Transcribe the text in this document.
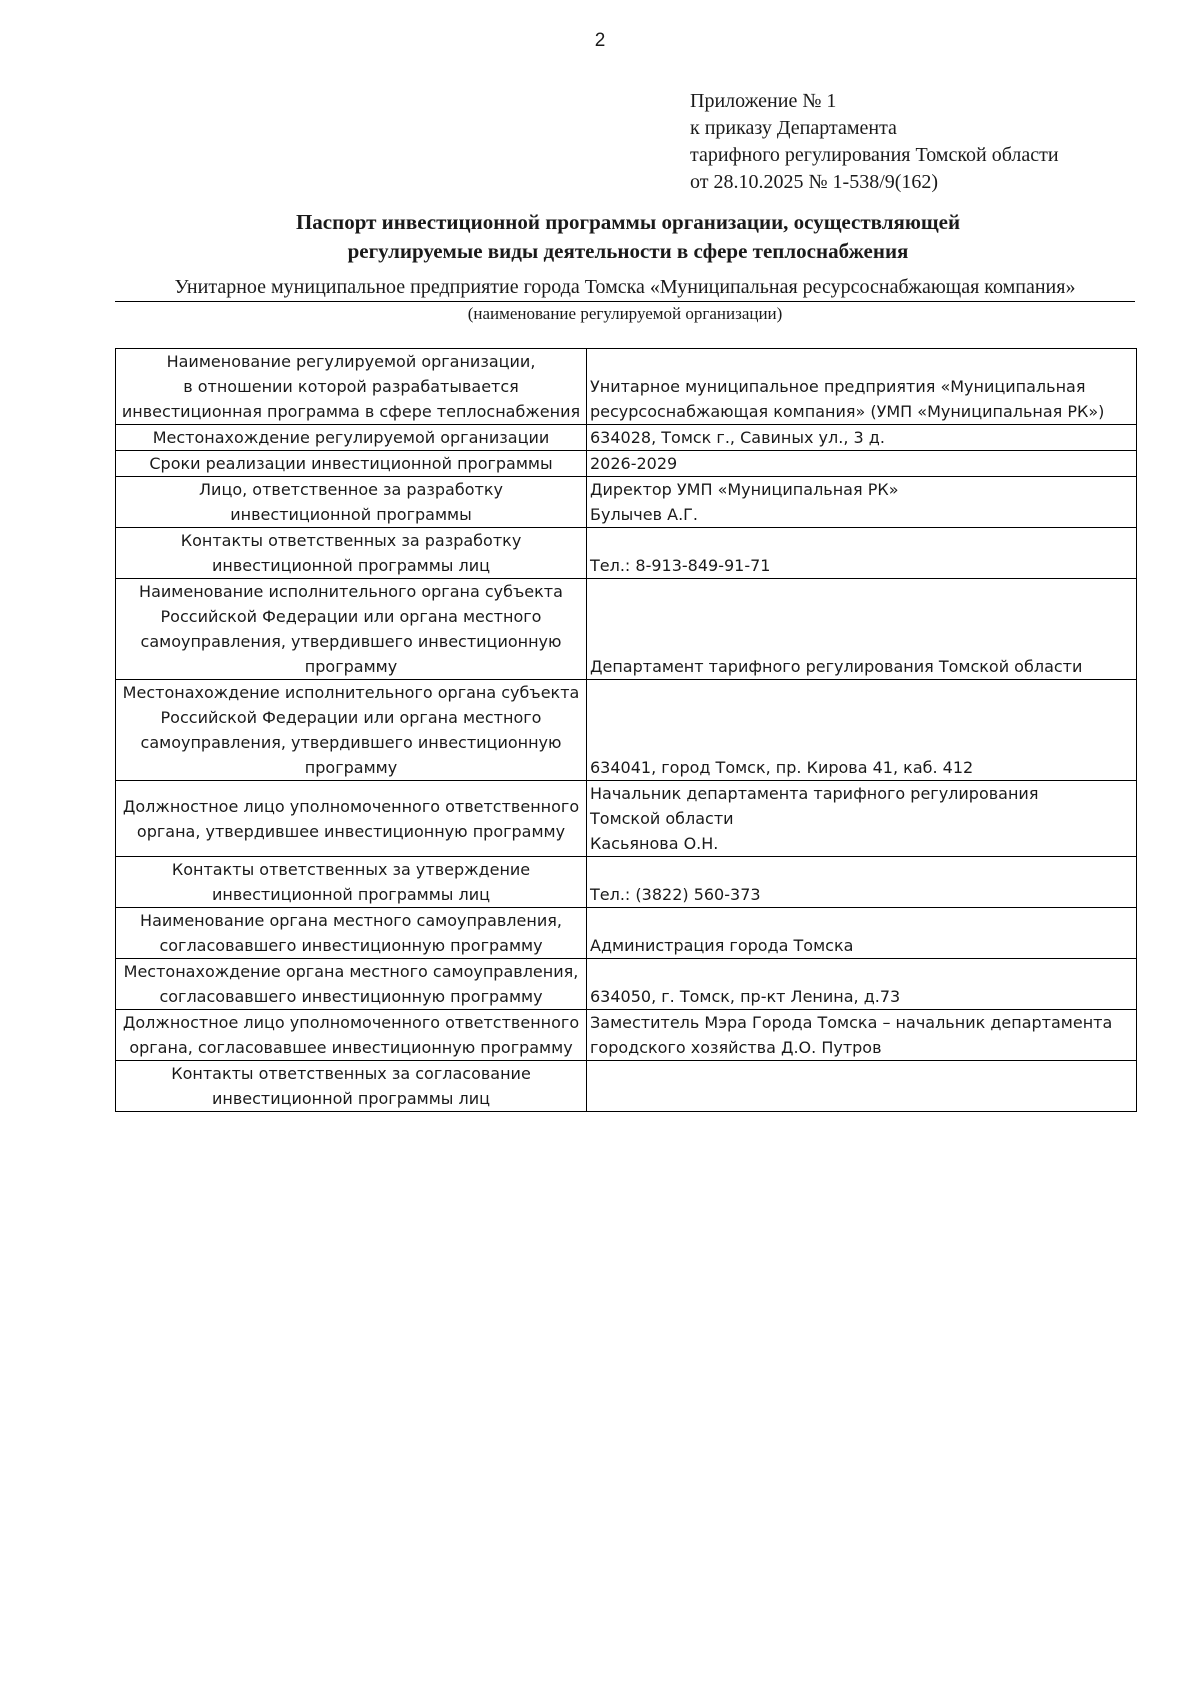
2
Приложение № 1
к приказу Департамента
тарифного регулирования Томской области
от 28.10.2025 № 1-538/9(162)
Паспорт инвестиционной программы организации, осуществляющей
регулируемые виды деятельности в сфере теплоснабжения
Унитарное муниципальное предприятие города Томска «Муниципальная ресурсоснабжающая компания»
(наименование регулируемой организации)
Наименование регулируемой организации,
в отношении которой разрабатывается
инвестиционная программа в сфере теплоснабжения	Унитарное муниципальное предприятия «Муниципальная
ресурсоснабжающая компания» (УМП «Муниципальная РК»)

Местонахождение регулируемой организации	634028, Томск г., Савиных ул., 3 д.

Сроки реализации инвестиционной программы	2026-2029

Лицо, ответственное за разработку
инвестиционной программы	Директор УМП «Муниципальная РК»
Булычев А.Г.

Контакты ответственных за разработку
инвестиционной программы лиц	Тел.: 8-913-849-91-71

Наименование исполнительного органа субъекта
Российской Федерации или органа местного
самоуправления, утвердившего инвестиционную
программу	Департамент тарифного регулирования Томской области

Местонахождение исполнительного органа субъекта
Российской Федерации или органа местного
самоуправления, утвердившего инвестиционную
программу	634041, город Томск, пр. Кирова 41, каб. 412

Должностное лицо уполномоченного ответственного
органа, утвердившее инвестиционную программу	Начальник департамента тарифного регулирования
Томской области
Касьянова О.Н.

Контакты ответственных за утверждение
инвестиционной программы лиц	Тел.: (3822) 560-373

Наименование органа местного самоуправления,
согласовавшего инвестиционную программу	Администрация города Томска

Местонахождение органа местного самоуправления,
согласовавшего инвестиционную программу	634050, г. Томск, пр-кт Ленина, д.73

Должностное лицо уполномоченного ответственного
органа, согласовавшее инвестиционную программу	Заместитель Мэра Города Томска – начальник департамента
городского хозяйства Д.О. Путров

Контакты ответственных за согласование
инвестиционной программы лиц	
